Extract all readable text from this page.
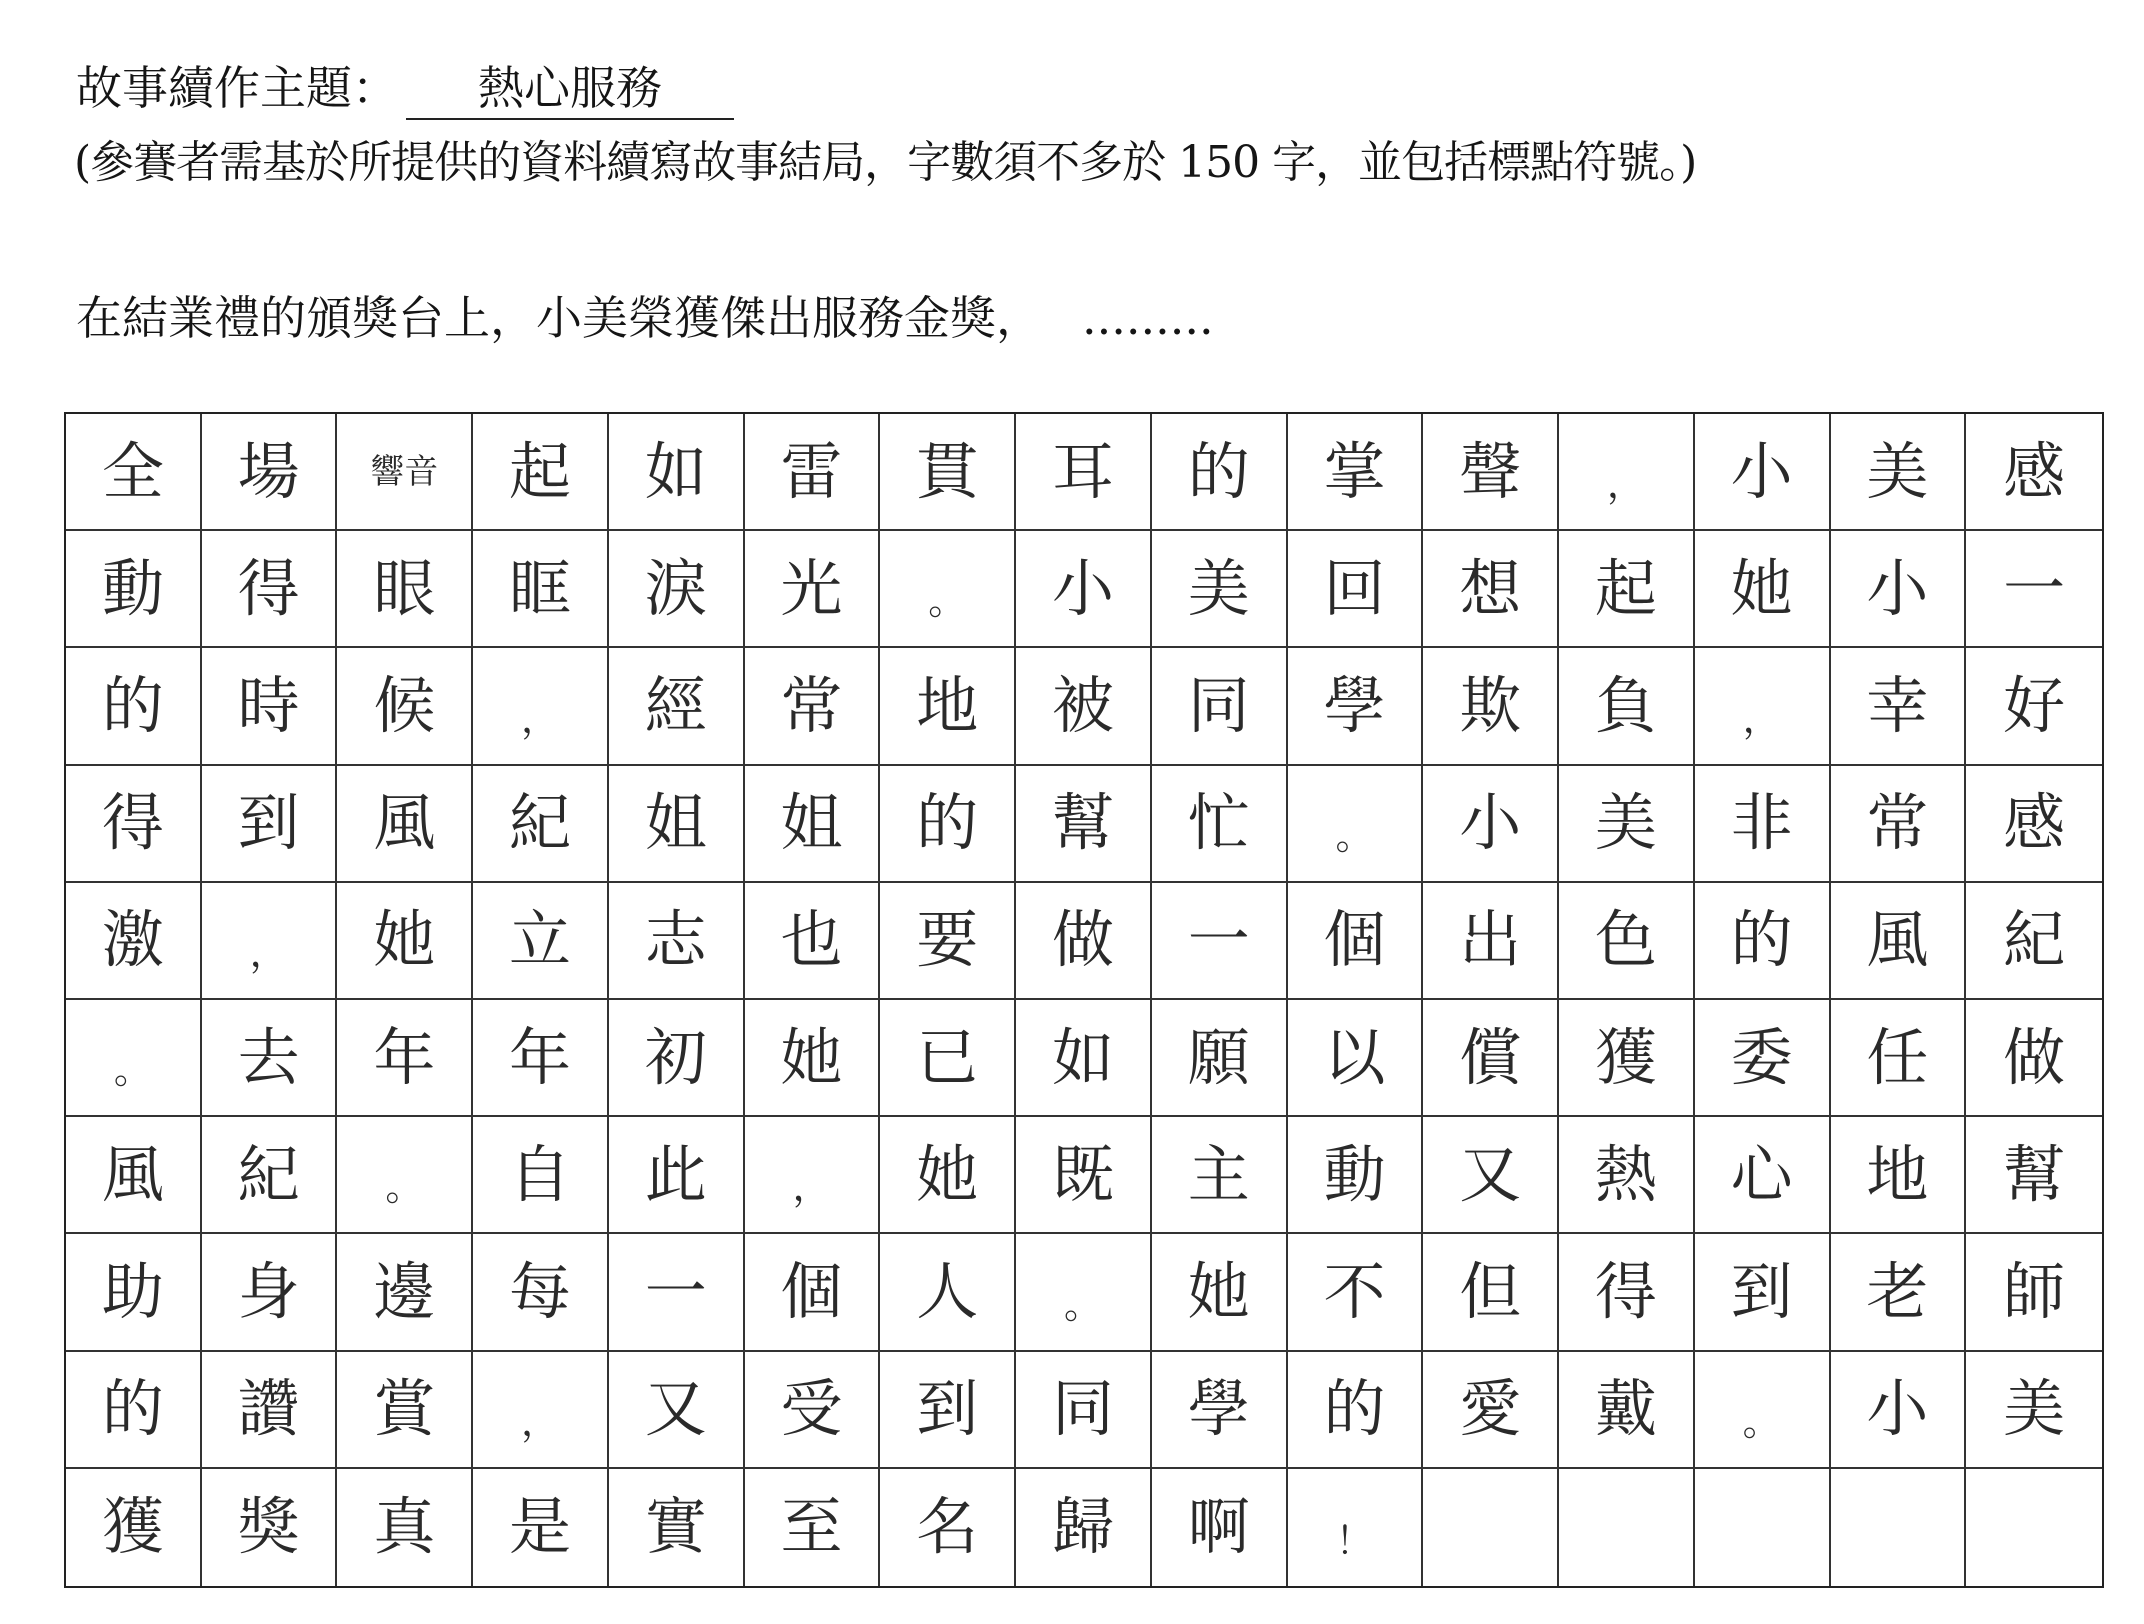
故事續作主題： 熱心服務
(參賽者需基於所提供的資料續寫故事結局，字數須不多於 150 字，並包括標點符號。)
在結業禮的頒獎台上，小美榮獲傑出服務金獎， .........
全	場	響音	起	如	雷	貫	耳	的	掌	聲	，	小	美	感
動	得	眼	眶	淚	光	。	小	美	回	想	起	她	小	一
的	時	候	，	經	常	地	被	同	學	欺	負	，	幸	好
得	到	風	紀	姐	姐	的	幫	忙	。	小	美	非	常	感
激	，	她	立	志	也	要	做	一	個	出	色	的	風	紀
。	去	年	年	初	她	已	如	願	以	償	獲	委	任	做
風	紀	。	自	此	，	她	既	主	動	又	熱	心	地	幫
助	身	邊	每	一	個	人	。	她	不	但	得	到	老	師
的	讚	賞	，	又	受	到	同	學	的	愛	戴	。	小	美
獲	獎	真	是	實	至	名	歸	啊	！
